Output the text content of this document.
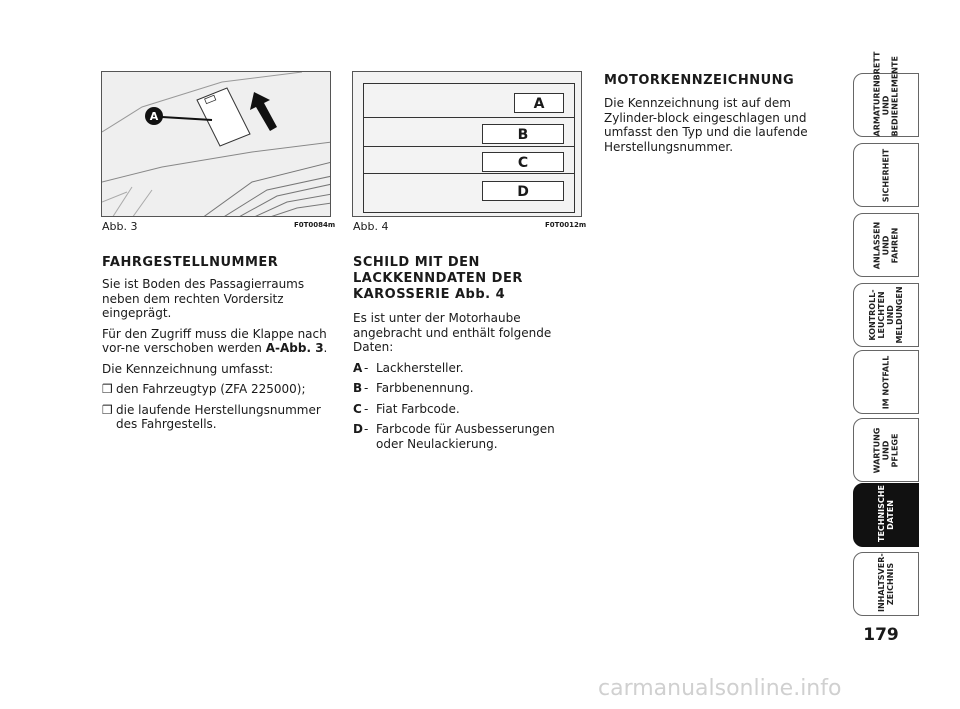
A
Abb. 3	F0T0084m
A
B
C
D
Abb. 4	F0T0012m
FAHRGESTELLNUMMER

Sie ist Boden des Passagierraums neben dem rechten Vordersitz eingeprägt.

Für den Zugriff muss die Klappe nach vor-ne verschoben werden A-Abb. 3.

Die Kennzeichnung umfasst:

❒ den Fahrzeugtyp (ZFA 225000);
❒ die laufende Herstellungsnummer des Fahrgestells.
SCHILD MIT DEN LACKKENNDATEN DER KAROSSERIE Abb. 4

Es ist unter der Motorhaube angebracht und enthält folgende Daten:

A - Lackhersteller.
B - Farbbenennung.
C - Fiat Farbcode.
D - Farbcode für Ausbesserungen oder Neulackierung.
MOTORKENNZEICHNUNG

Die Kennzeichnung ist auf dem Zylinder-block eingeschlagen und umfasst den Typ und die laufende Herstellungsnummer.

ARMATURENBRETT UND BEDIENELEMENTE
SICHERHEIT
ANLASSEN UND FAHREN
KONTROLL-LEUCHTEN UND MELDUNGEN
IM NOTFALL
WARTUNG UND PFLEGE
TECHNISCHE DATEN
INHALTSVER-ZEICHNIS
179
carmanualsonline.info
